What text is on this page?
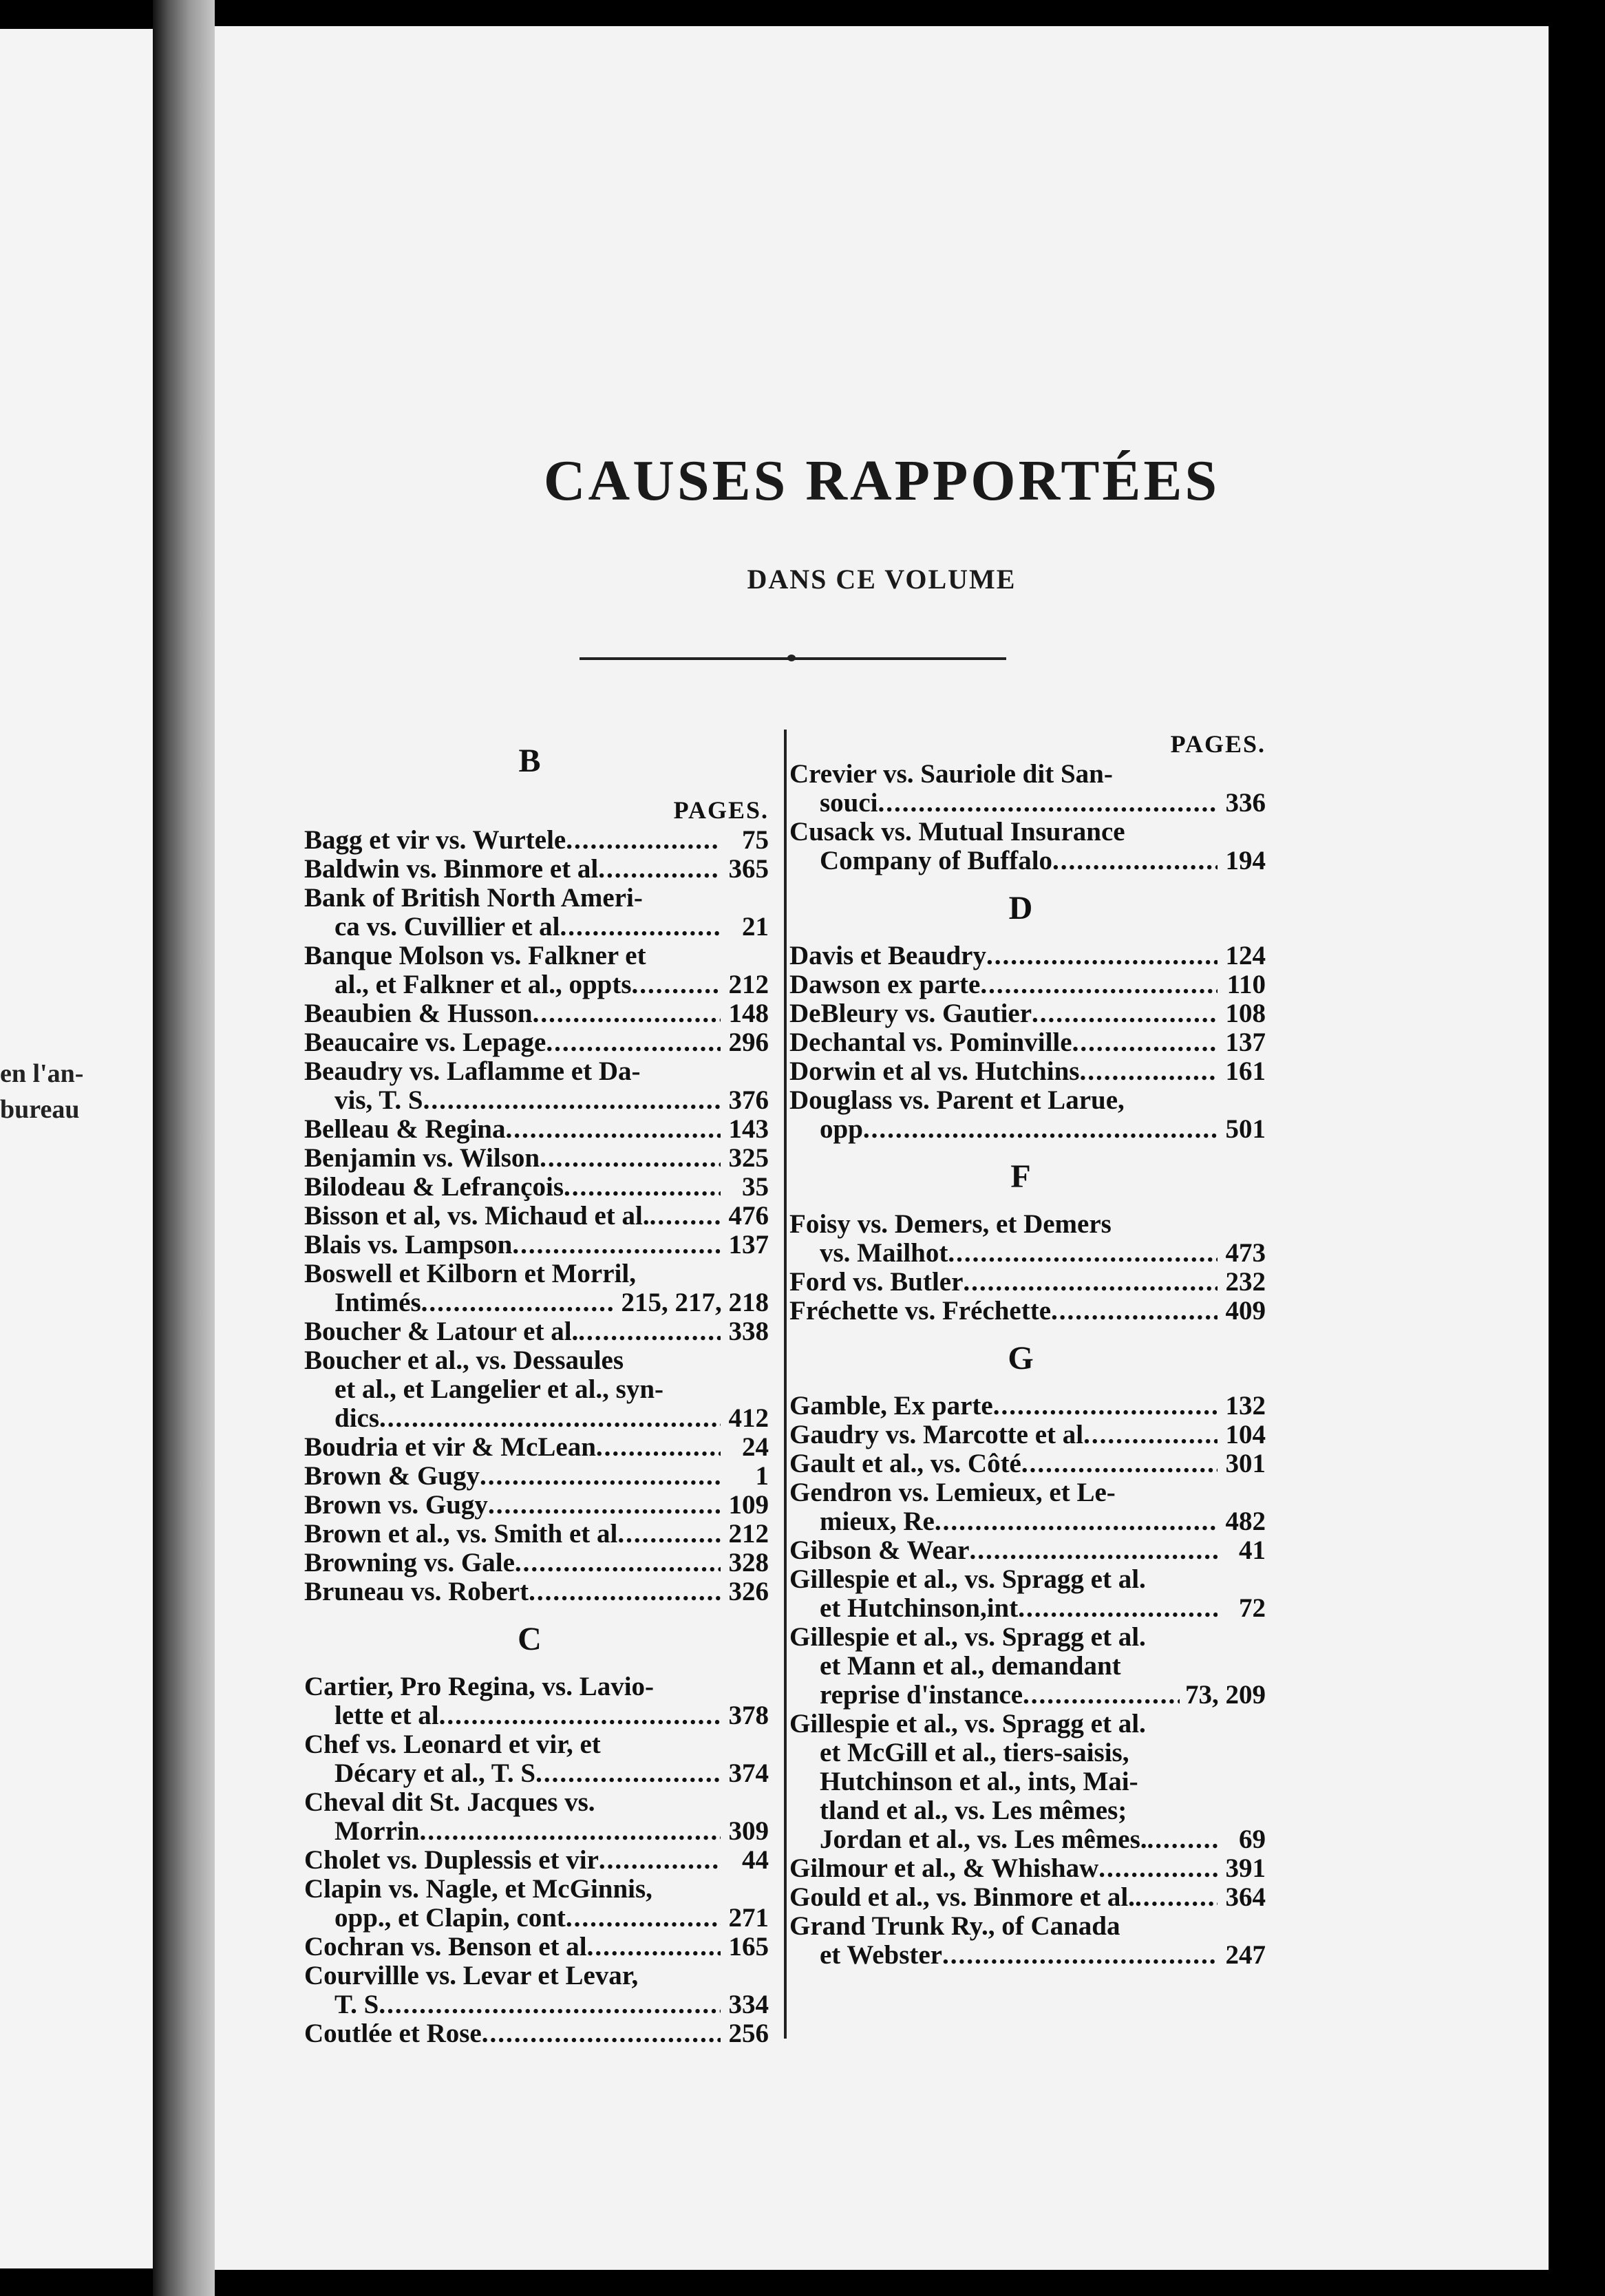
en l'an-
bureau
CAUSES RAPPORTÉES
DANS CE VOLUME
B
PAGES.
Bagg et vir vs. Wurtele .....	75
Baldwin vs. Binmore et al .....	365
Bank of British North Ameri-
ca vs. Cuvillier et al .....	21
Banque Molson vs. Falkner et
al., et Falkner et al., oppts .....	212
Beaubien & Husson .....	148
Beaucaire vs. Lepage .....	296
Beaudry vs. Laflamme et Da-
vis, T. S .....	376
Belleau & Regina .....	143
Benjamin vs. Wilson .....	325
Bilodeau & Lefrançois .....	35
Bisson et al, vs. Michaud et al. .....	476
Blais vs. Lampson .....	137
Boswell et Kilborn et Morril,
Intimés .....	215, 217, 218
Boucher & Latour et al. .....	338
Boucher et al., vs. Dessaules
et al., et Langelier et al., syn-
dics .....	412
Boudria et vir & McLean .....	24
Brown & Gugy .....	1
Brown vs. Gugy .....	109
Brown et al., vs. Smith et al .....	212
Browning vs. Gale .....	328
Bruneau vs. Robert .....	326
C
Cartier, Pro Regina, vs. Lavio-
lette et al .....	378
Chef vs. Leonard et vir, et
Décary et al., T. S .....	374
Cheval dit St. Jacques vs.
Morrin .....	309
Cholet vs. Duplessis et vir .....	44
Clapin vs. Nagle, et McGinnis,
opp., et Clapin, cont .....	271
Cochran vs. Benson et al .....	165
Courvillle vs. Levar et Levar,
T. S .....	334
Coutlée et Rose .....	256
PAGES.
Crevier vs. Sauriole dit San-
souci .....	336
Cusack vs. Mutual Insurance
Company of Buffalo .....	194
D
Davis et Beaudry .....	124
Dawson ex parte .....	110
DeBleury vs. Gautier .....	108
Dechantal vs. Pominville .....	137
Dorwin et al vs. Hutchins .....	161
Douglass vs. Parent et Larue,
opp .....	501
F
Foisy vs. Demers, et Demers
vs. Mailhot .....	473
Ford vs. Butler .....	232
Fréchette vs. Fréchette .....	409
G
Gamble, Ex parte .....	132
Gaudry vs. Marcotte et al .....	104
Gault et al., vs. Côté .....	301
Gendron vs. Lemieux, et Le-
mieux, Re .....	482
Gibson & Wear .....	41
Gillespie et al., vs. Spragg et al.
et Hutchinson,int .....	72
Gillespie et al., vs. Spragg et al.
et Mann et al., demandant
reprise d'instance .....	73, 209
Gillespie et al., vs. Spragg et al.
et McGill et al., tiers-saisis,
Hutchinson et al., ints, Mai-
tland et al., vs. Les mêmes;
Jordan et al., vs. Les mêmes. .....	69
Gilmour et al., & Whishaw .....	391
Gould et al., vs. Binmore et al. .....	364
Grand Trunk Ry., of Canada
et Webster .....	247
